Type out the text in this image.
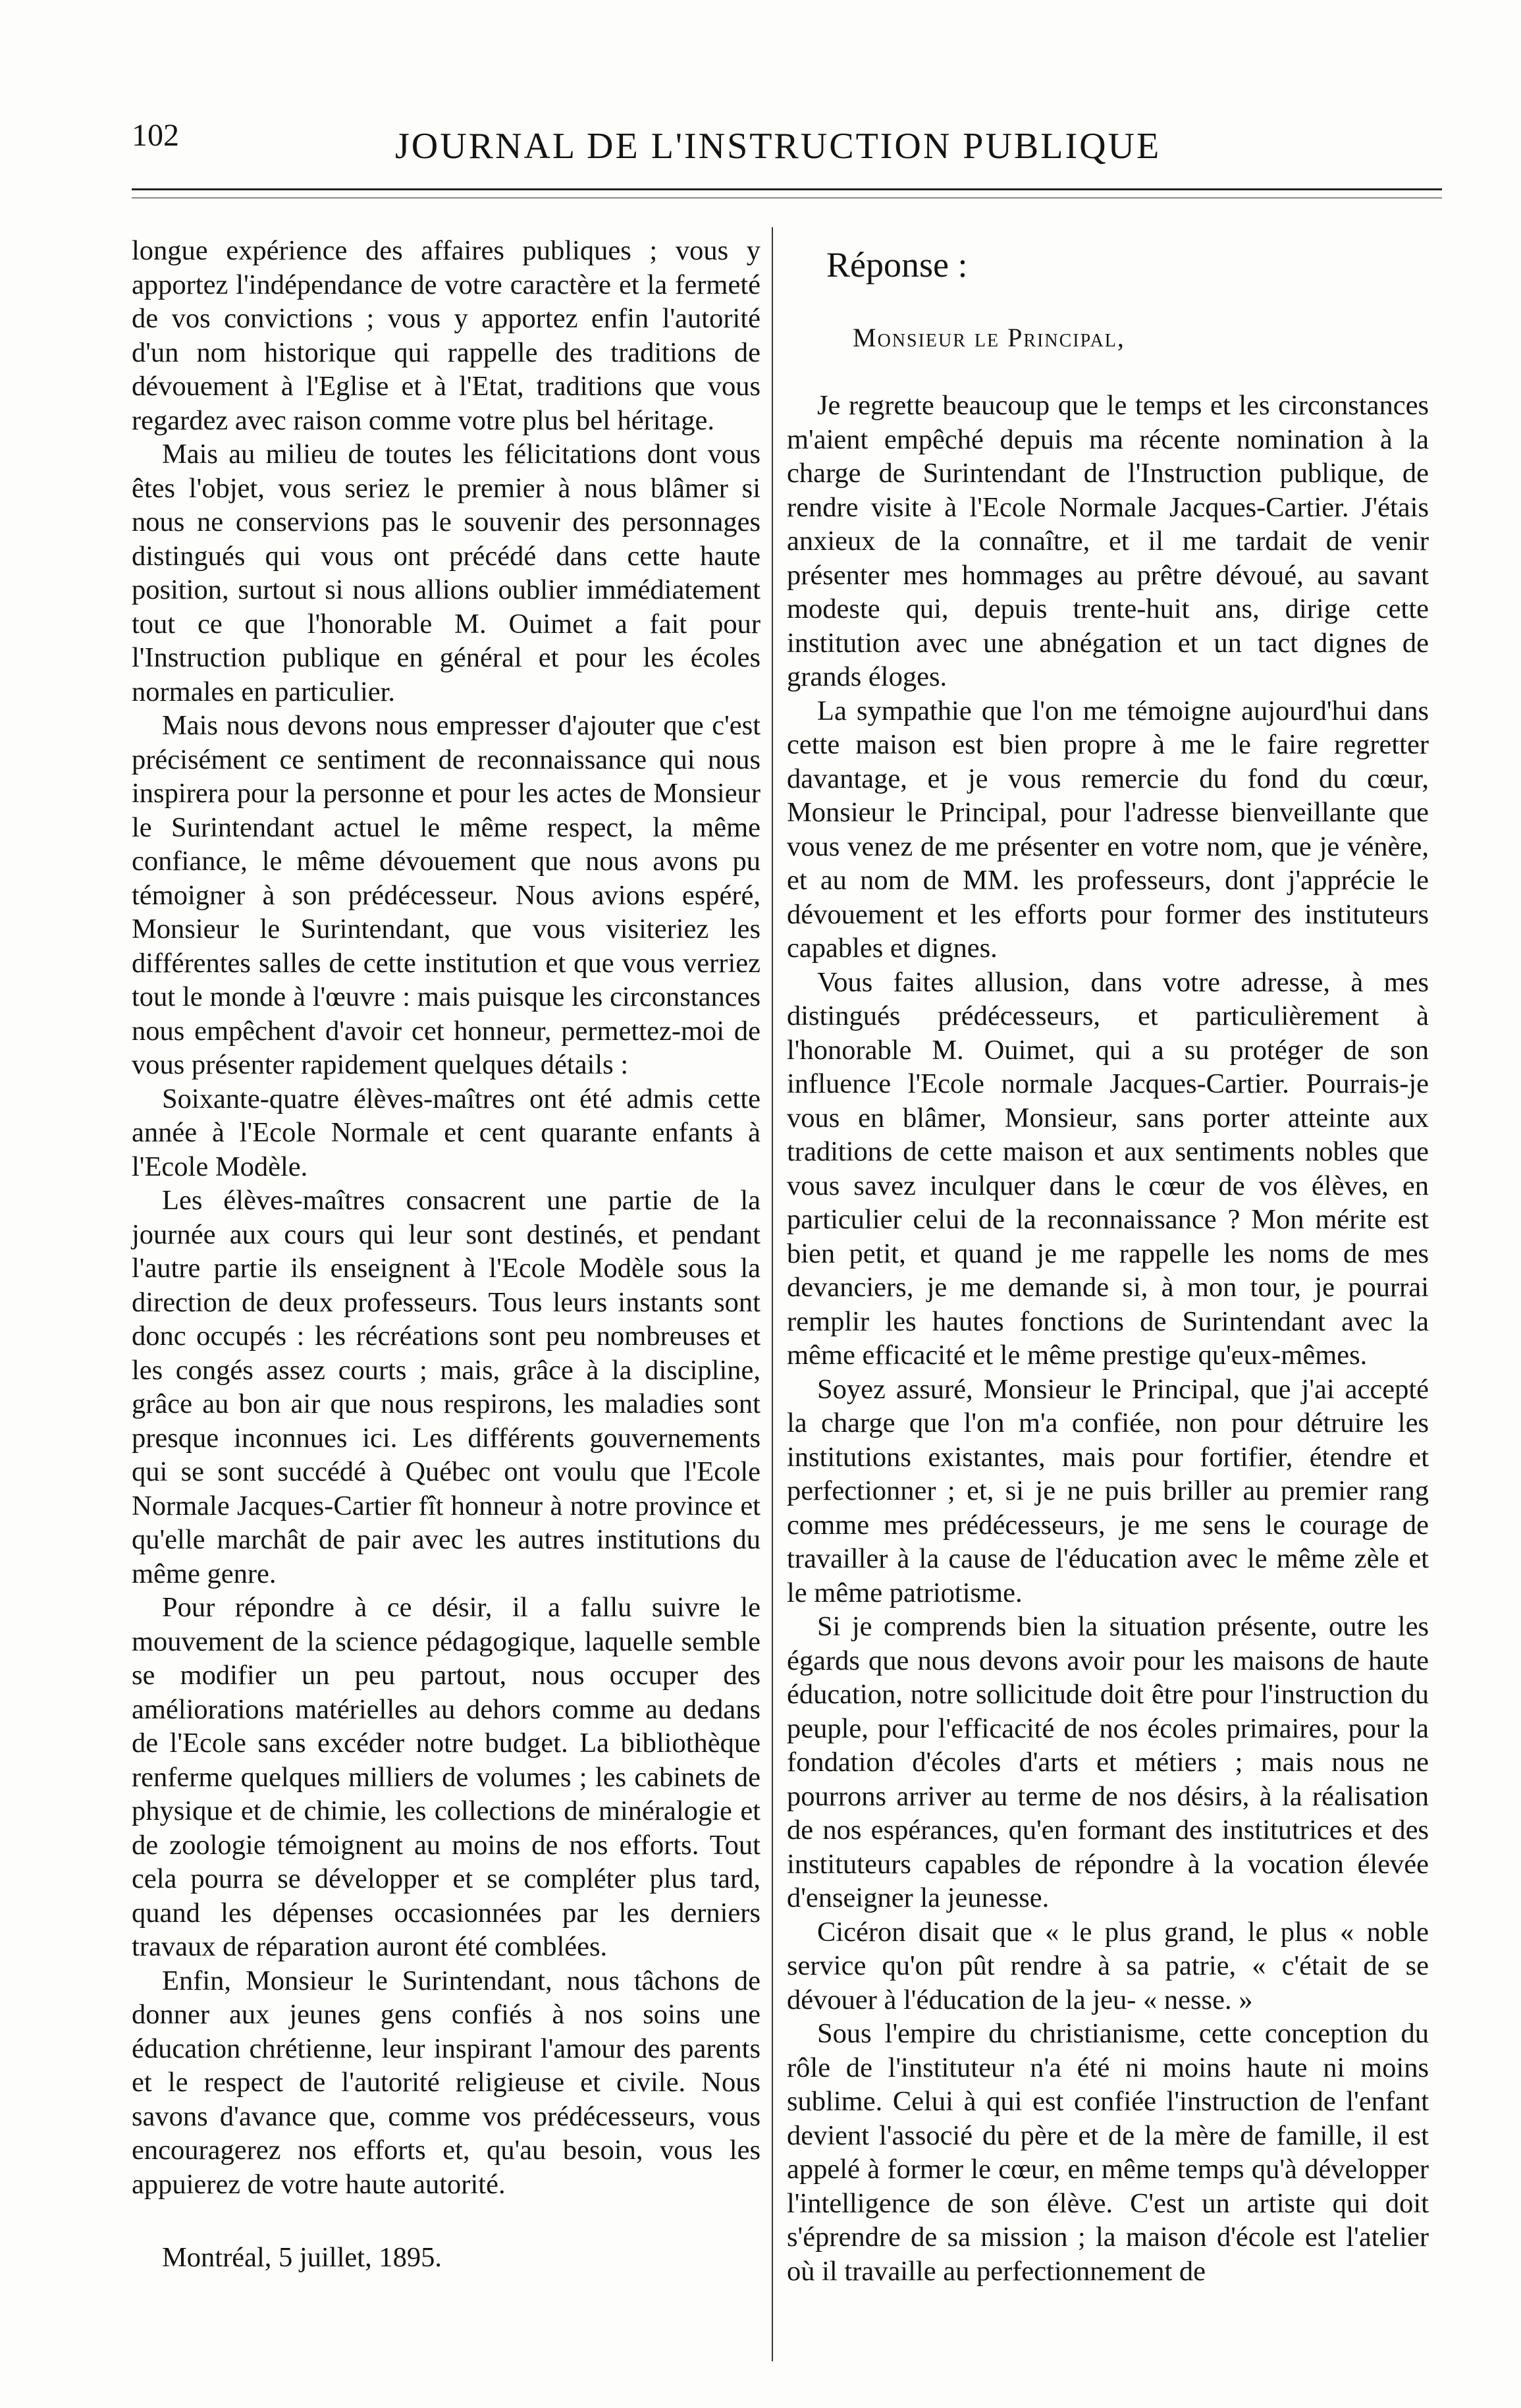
102	JOURNAL DE L'INSTRUCTION PUBLIQUE

longue expérience des affaires publiques ; vous y apportez l'indépendance de votre caractère et la fermeté de vos convictions ; vous y apportez enfin l'autorité d'un nom historique qui rappelle des traditions de dévouement à l'Eglise et à l'Etat, traditions que vous regardez avec raison comme votre plus bel héritage.

Mais au milieu de toutes les félicitations dont vous êtes l'objet, vous seriez le premier à nous blâmer si nous ne conservions pas le souvenir des personnages distingués qui vous ont précédé dans cette haute position, surtout si nous allions oublier immédiatement tout ce que l'honorable M. Ouimet a fait pour l'Instruction publique en général et pour les écoles normales en particulier.

Mais nous devons nous empresser d'ajouter que c'est précisément ce sentiment de reconnaissance qui nous inspirera pour la personne et pour les actes de Monsieur le Surintendant actuel le même respect, la même confiance, le même dévouement que nous avons pu témoigner à son prédécesseur. Nous avions espéré, Monsieur le Surintendant, que vous visiteriez les différentes salles de cette institution et que vous verriez tout le monde à l'œuvre : mais puisque les circonstances nous empêchent d'avoir cet honneur, permettez-moi de vous présenter rapidement quelques détails :

Soixante-quatre élèves-maîtres ont été admis cette année à l'Ecole Normale et cent quarante enfants à l'Ecole Modèle.

Les élèves-maîtres consacrent une partie de la journée aux cours qui leur sont destinés, et pendant l'autre partie ils enseignent à l'Ecole Modèle sous la direction de deux professeurs. Tous leurs instants sont donc occupés : les récréations sont peu nombreuses et les congés assez courts ; mais, grâce à la discipline, grâce au bon air que nous respirons, les maladies sont presque inconnues ici. Les différents gouvernements qui se sont succédé à Québec ont voulu que l'Ecole Normale Jacques-Cartier fît honneur à notre province et qu'elle marchât de pair avec les autres institutions du même genre.

Pour répondre à ce désir, il a fallu suivre le mouvement de la science pédagogique, laquelle semble se modifier un peu partout, nous occuper des améliorations matérielles au dehors comme au dedans de l'Ecole sans excéder notre budget. La bibliothèque renferme quelques milliers de volumes ; les cabinets de physique et de chimie, les collections de minéralogie et de zoologie témoignent au moins de nos efforts. Tout cela pourra se développer et se compléter plus tard, quand les dépenses occasionnées par les derniers travaux de réparation auront été comblées.

Enfin, Monsieur le Surintendant, nous tâchons de donner aux jeunes gens confiés à nos soins une éducation chrétienne, leur inspirant l'amour des parents et le respect de l'autorité religieuse et civile. Nous savons d'avance que, comme vos prédécesseurs, vous encouragerez nos efforts et, qu'au besoin, vous les appuierez de votre haute autorité.

Montréal, 5 juillet, 1895.

Réponse :
Monsieur le Principal,

Je regrette beaucoup que le temps et les circonstances m'aient empêché depuis ma récente nomination à la charge de Surintendant de l'Instruction publique, de rendre visite à l'Ecole Normale Jacques-Cartier. J'étais anxieux de la connaître, et il me tardait de venir présenter mes hommages au prêtre dévoué, au savant modeste qui, depuis trente-huit ans, dirige cette institution avec une abnégation et un tact dignes de grands éloges.

La sympathie que l'on me témoigne aujourd'hui dans cette maison est bien propre à me le faire regretter davantage, et je vous remercie du fond du cœur, Monsieur le Principal, pour l'adresse bienveillante que vous venez de me présenter en votre nom, que je vénère, et au nom de MM. les professeurs, dont j'apprécie le dévouement et les efforts pour former des instituteurs capables et dignes.

Vous faites allusion, dans votre adresse, à mes distingués prédécesseurs, et particulièrement à l'honorable M. Ouimet, qui a su protéger de son influence l'Ecole normale Jacques-Cartier. Pourrais-je vous en blâmer, Monsieur, sans porter atteinte aux traditions de cette maison et aux sentiments nobles que vous savez inculquer dans le cœur de vos élèves, en particulier celui de la reconnaissance ? Mon mérite est bien petit, et quand je me rappelle les noms de mes devanciers, je me demande si, à mon tour, je pourrai remplir les hautes fonctions de Surintendant avec la même efficacité et le même prestige qu'eux-mêmes.

Soyez assuré, Monsieur le Principal, que j'ai accepté la charge que l'on m'a confiée, non pour détruire les institutions existantes, mais pour fortifier, étendre et perfectionner ; et, si je ne puis briller au premier rang comme mes prédécesseurs, je me sens le courage de travailler à la cause de l'éducation avec le même zèle et le même patriotisme.

Si je comprends bien la situation présente, outre les égards que nous devons avoir pour les maisons de haute éducation, notre sollicitude doit être pour l'instruction du peuple, pour l'efficacité de nos écoles primaires, pour la fondation d'écoles d'arts et métiers ; mais nous ne pourrons arriver au terme de nos désirs, à la réalisation de nos espérances, qu'en formant des institutrices et des instituteurs capables de répondre à la vocation élevée d'enseigner la jeunesse.

Cicéron disait que « le plus grand, le plus « noble service qu'on pût rendre à sa patrie, « c'était de se dévouer à l'éducation de la jeu- « nesse. »

Sous l'empire du christianisme, cette conception du rôle de l'instituteur n'a été ni moins haute ni moins sublime. Celui à qui est confiée l'instruction de l'enfant devient l'associé du père et de la mère de famille, il est appelé à former le cœur, en même temps qu'à développer l'intelligence de son élève. C'est un artiste qui doit s'éprendre de sa mission ; la maison d'école est l'atelier où il travaille au perfectionnement de
